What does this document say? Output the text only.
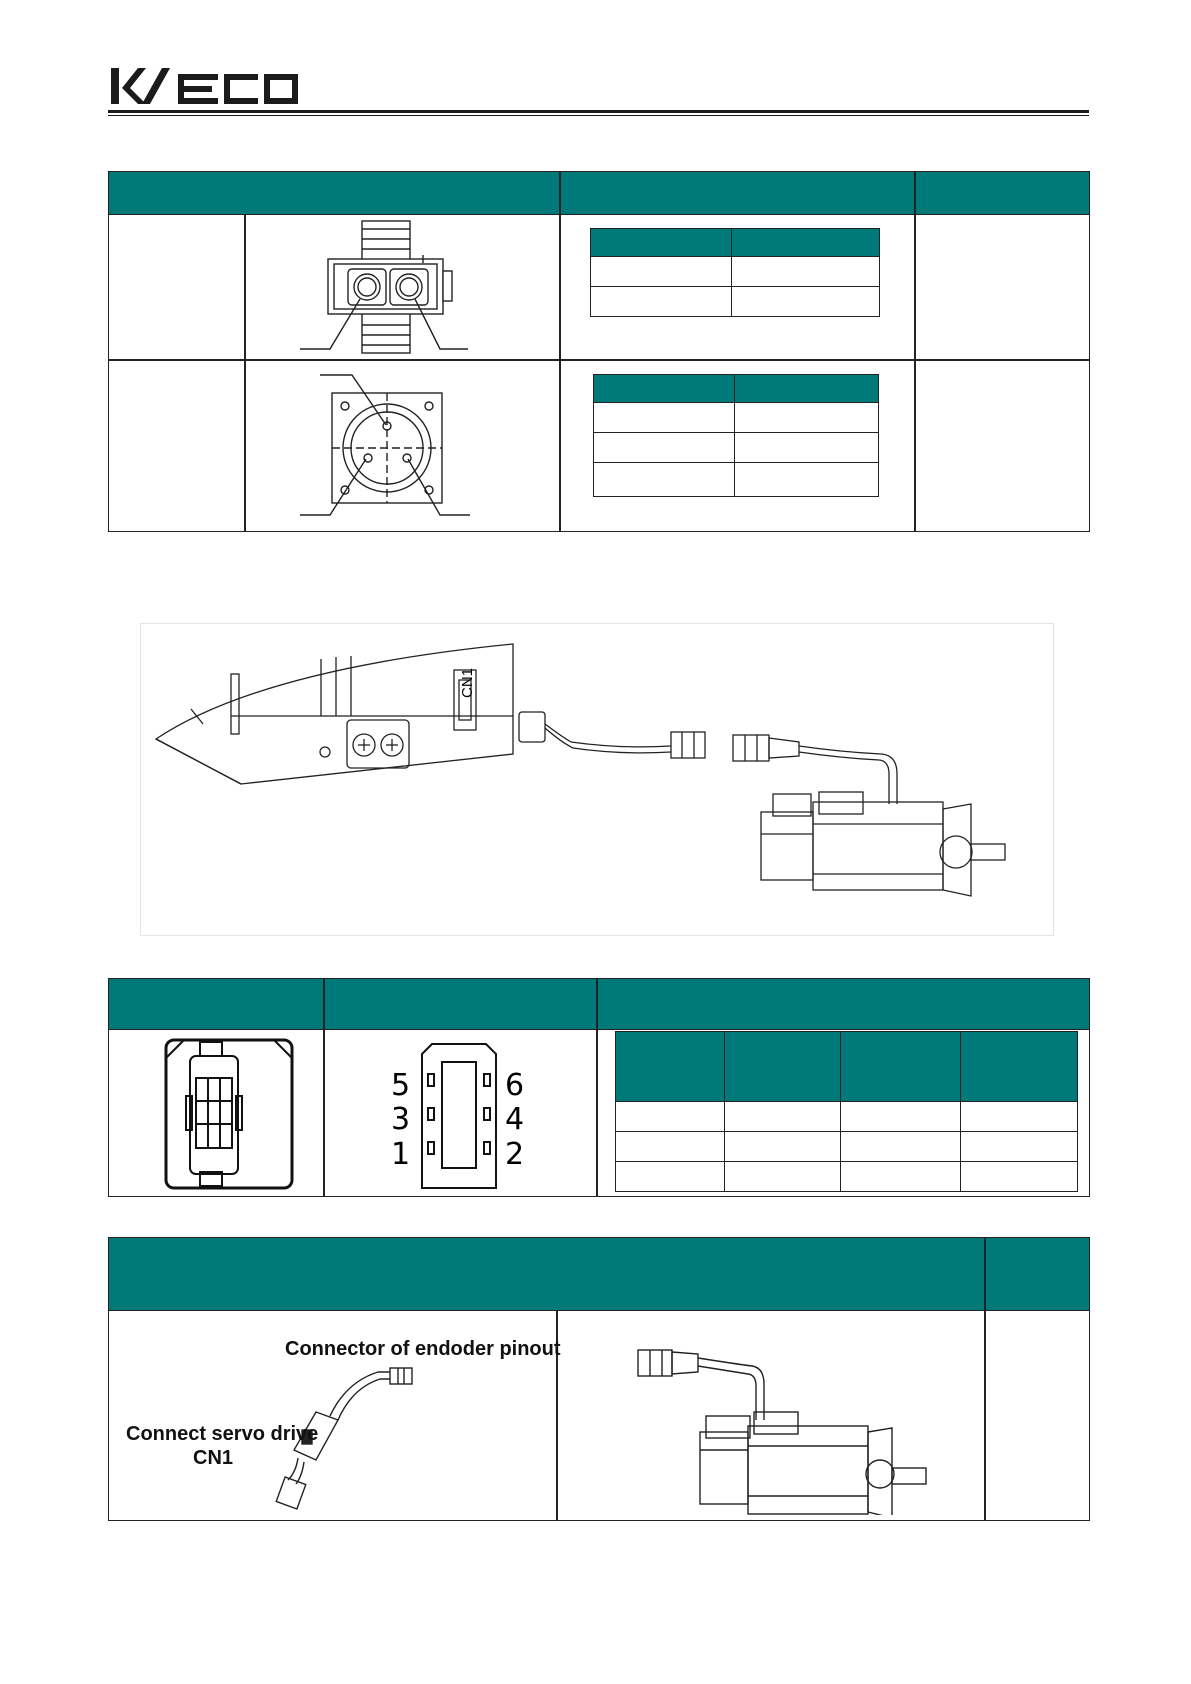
CN1
5
3
1
6
4
2

Connector of endoder pinout
Connect servo drive
CN1
